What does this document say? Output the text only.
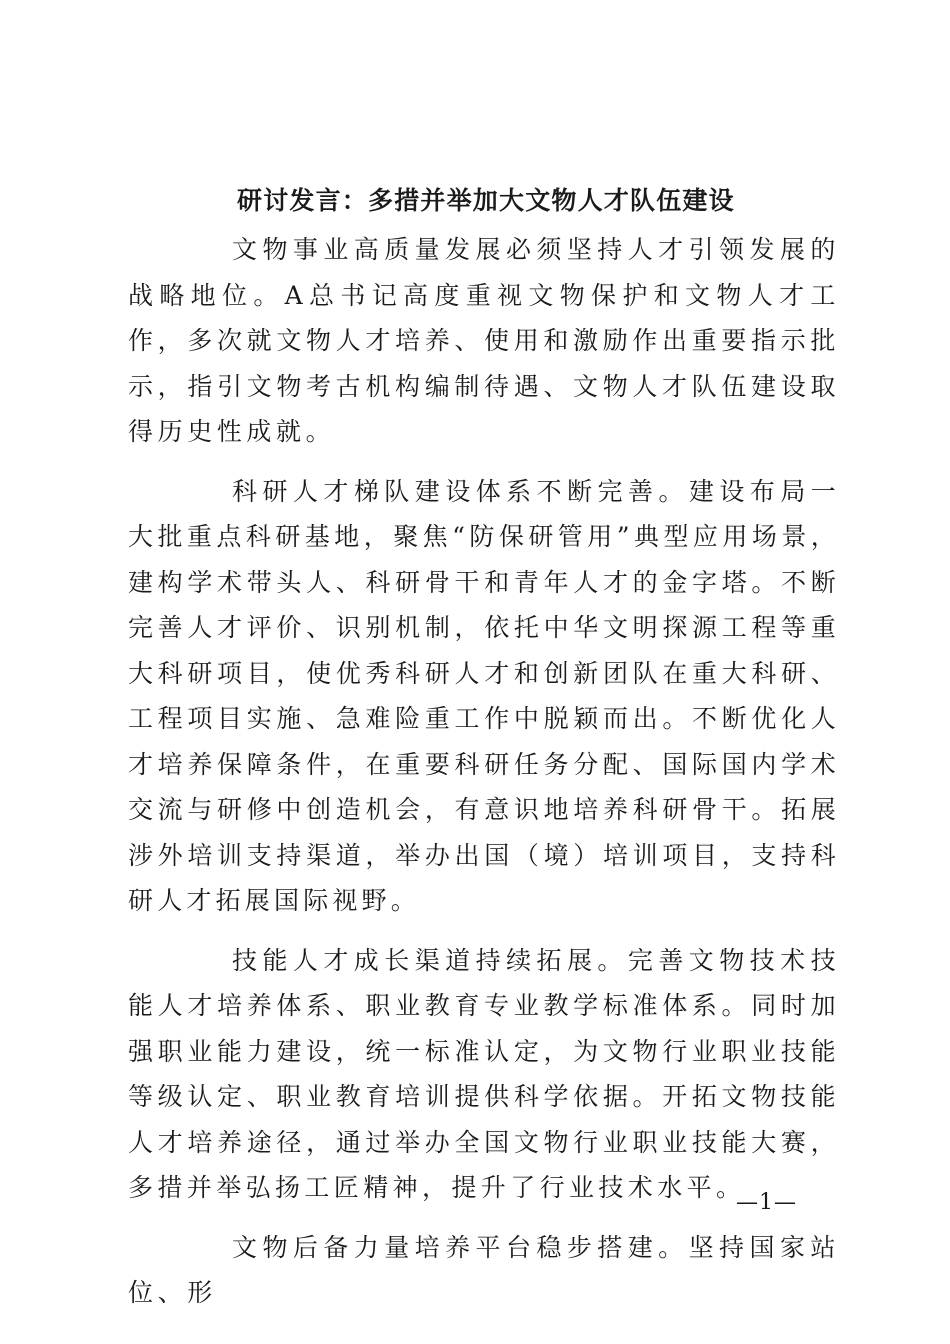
研讨发言：多措并举加大文物人才队伍建设

文物事业高质量发展必须坚持人才引领发展的战略地位。A总书记高度重视文物保护和文物人才工作，多次就文物人才培养、使用和激励作出重要指示批示，指引文物考古机构编制待遇、文物人才队伍建设取得历史性成就。

科研人才梯队建设体系不断完善。建设布局一大批重点科研基地，聚焦“防保研管用”典型应用场景，建构学术带头人、科研骨干和青年人才的金字塔。不断完善人才评价、识别机制，依托中华文明探源工程等重大科研项目，使优秀科研人才和创新团队在重大科研、工程项目实施、急难险重工作中脱颖而出。不断优化人才培养保障条件，在重要科研任务分配、国际国内学术交流与研修中创造机会，有意识地培养科研骨干。拓展涉外培训支持渠道，举办出国（境）培训项目，支持科研人才拓展国际视野。

技能人才成长渠道持续拓展。完善文物技术技能人才培养体系、职业教育专业教学标准体系。同时加强职业能力建设，统一标准认定，为文物行业职业技能等级认定、职业教育培训提供科学依据。开拓文物技能人才培养途径，通过举办全国文物行业职业技能大赛，多措并举弘扬工匠精神，提升了行业技术水平。

文物后备力量培养平台稳步搭建。坚持国家站位、形

—1—
